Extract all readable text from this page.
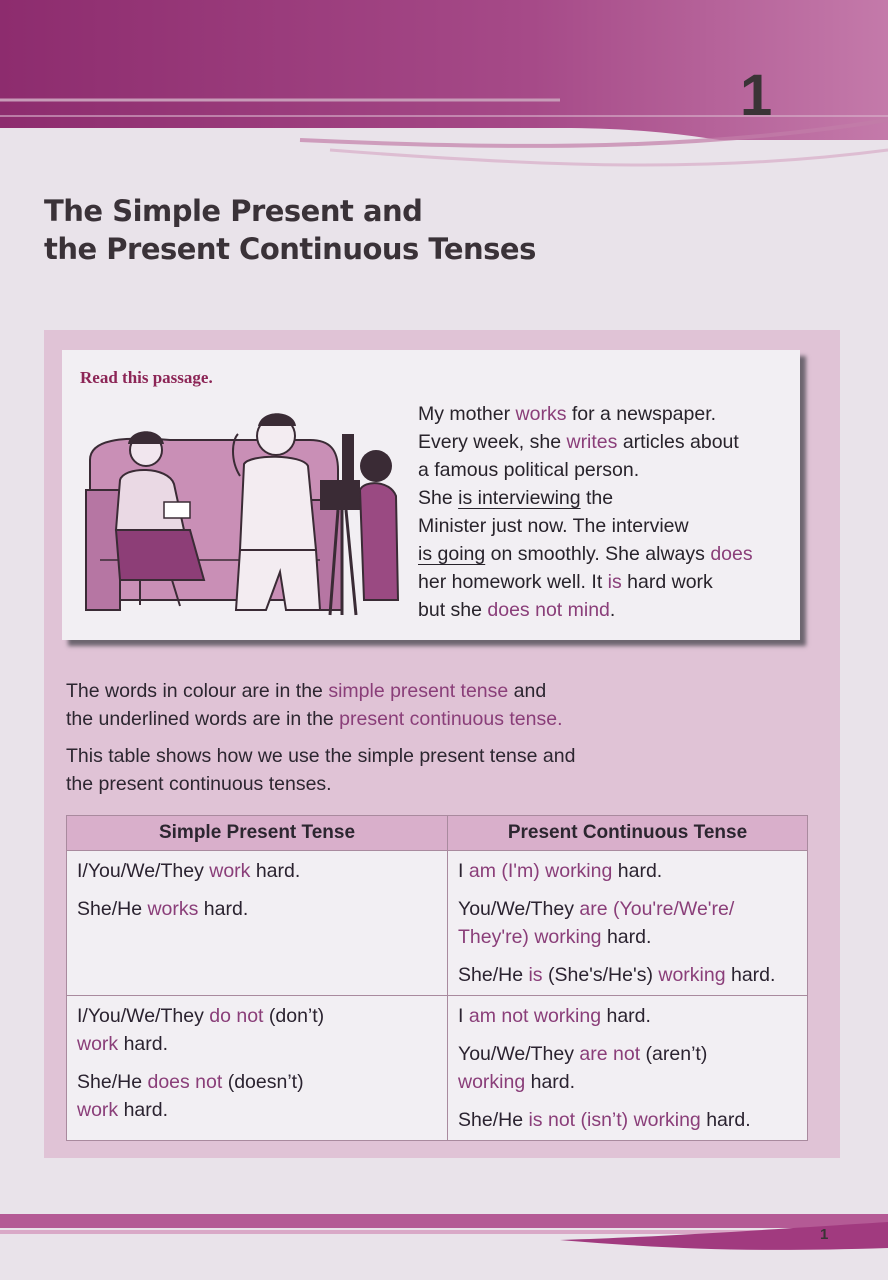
1
The Simple Present and
the Present Continuous Tenses
Read this passage.
My mother works for a newspaper.
Every week, she writes articles about
a famous political person.
She is interviewing the
Minister just now. The interview
is going on smoothly. She always does
her homework well. It is hard work
but she does not mind.
The words in colour are in the simple present tense and
the underlined words are in the present continuous tense.
This table shows how we use the simple present tense and
the present continuous tenses.
Simple Present Tense	Present Continuous Tense

I/You/We/They work hard.
She/He works hard.	I am (I'm) working hard.
You/We/They are (You're/We're/
They're) working hard.
She/He is (She's/He's) working hard.

I/You/We/They do not (don’t)
work hard.
She/He does not (doesn’t)
work hard.	I am not working hard.
You/We/They are not (aren’t)
working hard.
She/He is not (isn’t) working hard.
1
